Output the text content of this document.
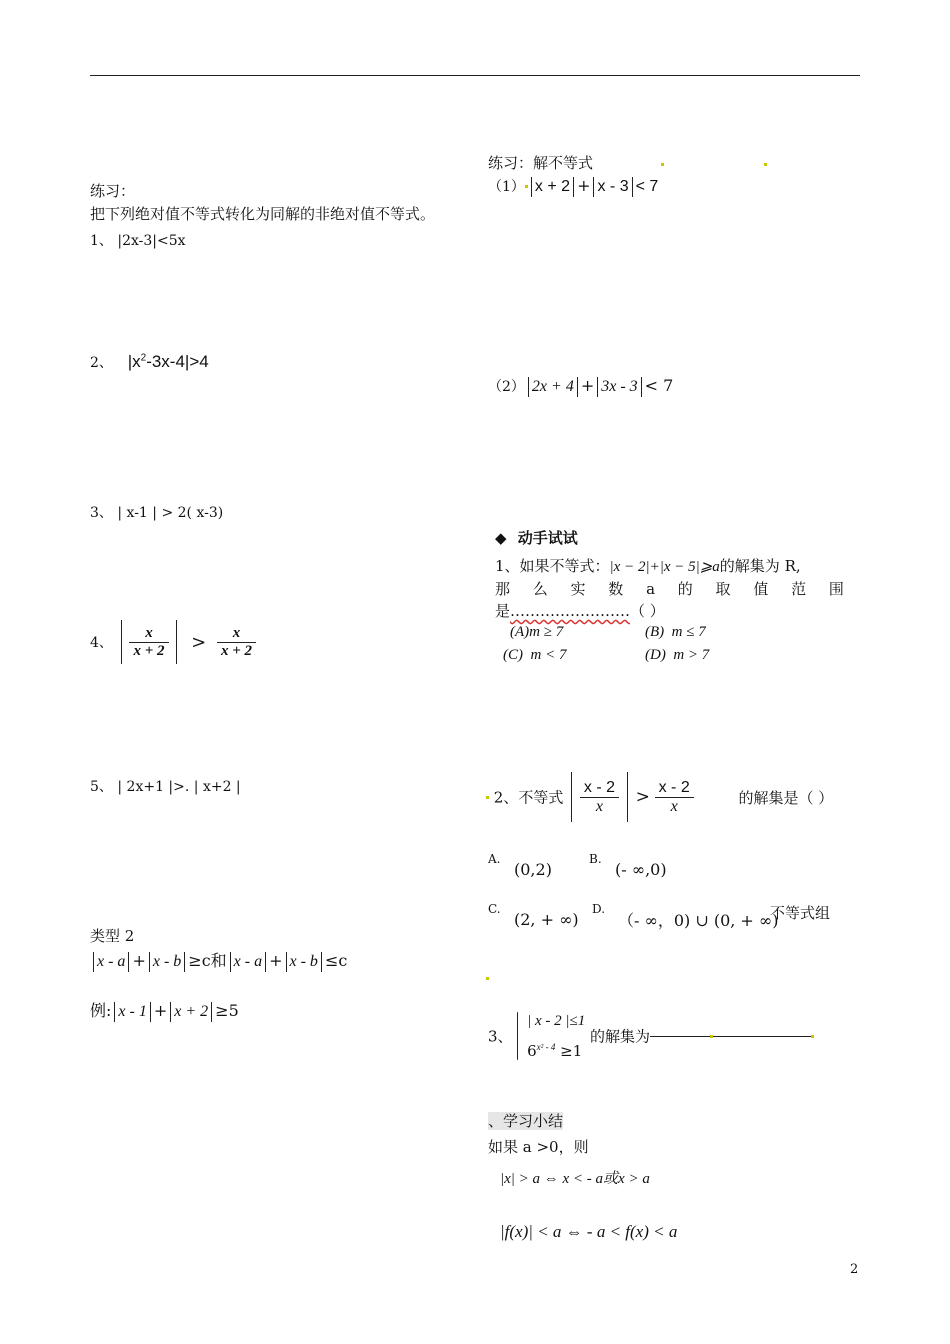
练习：
把下列绝对值不等式转化为同解的非绝对值不等式。
1、 |2x-3|<5x
2、 $|x^2-3x-4|>4$
3、 | x-1 | > 2( x-3)
4、 $\frac{x}{x + 2} > \frac{x}{x + 2}$
5、 | 2x+1 |>. | x+2 |
类型 2
x - a + x - b ≥c和 x - a + x - b ≤c
例: x - 1 + x + 2 ≥5
练习：解不等式
（1） x + 2 + x - 3 < 7
（2） 2x + 4 + 3x - 3 < 7
◆ 动手试试
1、如果不等式：|x − 2|+|x − 5|⩾a的解集为 R,
那 么 实 数 a 的 取 值 范 围
是……………………（ ）
(A)m ≥ 7	(B) m ≤ 7
(C) m < 7	(D) m > 7
2、不等式 $\frac{x - 2}{x} > \frac{x - 2}{x}$	的解集是（ ）
A.
(0,2)
B.
(- ∞,0)
C.
(2, + ∞)
D.
（- ∞，0) ∪ (0, + ∞)
不等式组
3、
| x - 2 |≤1
$6^{x^2 - 4} \ge 1$
的解集为
、学习小结
如果 a >0，则
|x| > a ⇔ x < - a或x > a
|f(x)| < a ⇔ - a < f(x) < a
2
